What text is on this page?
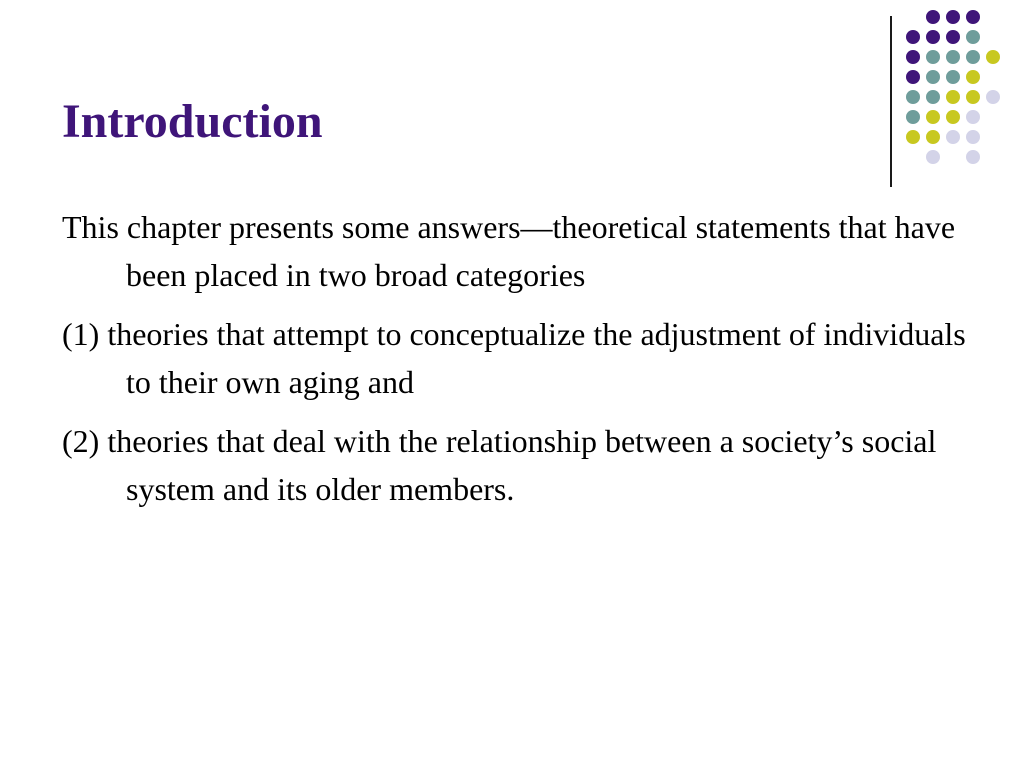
Introduction

This chapter presents some answers—theoretical statements that have been placed in two broad categories

(1) theories that attempt to conceptualize the adjustment of individuals to their own aging and

(2) theories that deal with the relationship between a society’s social system and its older members.
